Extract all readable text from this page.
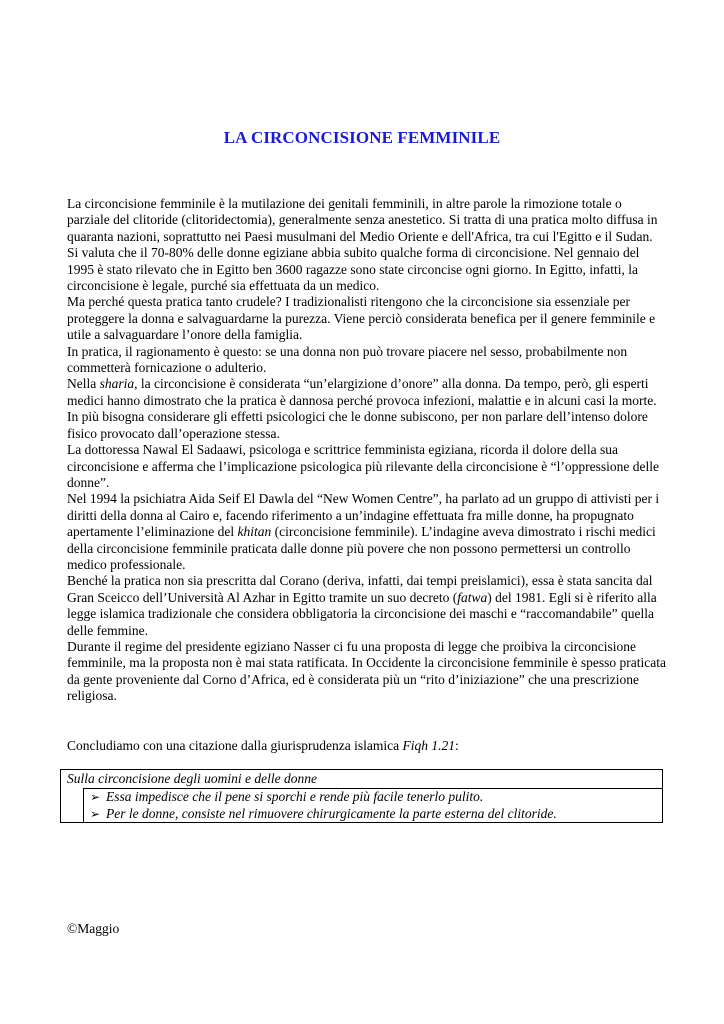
LA CIRCONCISIONE FEMMINILE

La circoncisione femminile è la mutilazione dei genitali femminili, in altre parole la rimozione totale o parziale del clitoride (clitoridectomia), generalmente senza anestetico. Si tratta di una pratica molto diffusa in quaranta nazioni, soprattutto nei Paesi musulmani del Medio Oriente e dell'Africa, tra cui l'Egitto e il Sudan.

Si valuta che il 70-80% delle donne egiziane abbia subito qualche forma di circoncisione. Nel gennaio del 1995 è stato rilevato che in Egitto ben 3600 ragazze sono state circoncise ogni giorno. In Egitto, infatti, la circoncisione è legale, purché sia effettuata da un medico.

Ma perché questa pratica tanto crudele? I tradizionalisti ritengono che la circoncisione sia essenziale per proteggere la donna e salvaguardarne la purezza. Viene perciò considerata benefica per il genere femminile e utile a salvaguardare l’onore della famiglia.

In pratica, il ragionamento è questo: se una donna non può trovare piacere nel sesso, probabilmente non commetterà fornicazione o adulterio.

Nella sharia, la circoncisione è considerata “un’elargizione d’onore” alla donna. Da tempo, però, gli esperti medici hanno dimostrato che la pratica è dannosa perché provoca infezioni, malattie e in alcuni casi la morte. In più bisogna considerare gli effetti psicologici che le donne subiscono, per non parlare dell’intenso dolore fisico provocato dall’operazione stessa.

La dottoressa Nawal El Sadaawi, psicologa e scrittrice femminista egiziana, ricorda il dolore della sua circoncisione e afferma che l’implicazione psicologica più rilevante della circoncisione è “l’oppressione delle donne”.

Nel 1994 la psichiatra Aida Seif El Dawla del “New Women Centre”, ha parlato ad un gruppo di attivisti per i diritti della donna al Cairo e, facendo riferimento a un’indagine effettuata fra mille donne, ha propugnato apertamente l’eliminazione del khitan (circoncisione femminile). L’indagine aveva dimostrato i rischi medici della circoncisione femminile praticata dalle donne più povere che non possono permettersi un controllo medico professionale.

Benché la pratica non sia prescritta dal Corano (deriva, infatti, dai tempi preislamici), essa è stata sancita dal Gran Sceicco dell’Università Al Azhar in Egitto tramite un suo decreto (fatwa) del 1981. Egli si è riferito alla legge islamica tradizionale che considera obbligatoria la circoncisione dei maschi e “raccomandabile” quella delle femmine.

Durante il regime del presidente egiziano Nasser ci fu una proposta di legge che proibiva la circoncisione femminile, ma la proposta non è mai stata ratificata. In Occidente la circoncisione femminile è spesso praticata da gente proveniente dal Corno d’Africa, ed è considerata più un “rito d’iniziazione” che una prescrizione religiosa.

Concludiamo con una citazione dalla giurisprudenza islamica Fiqh 1.21:
Sulla circoncisione degli uomini e delle donne
➢ Essa impedisce che il pene si sporchi e rende più facile tenerlo pulito.
➢ Per le donne, consiste nel rimuovere chirurgicamente la parte esterna del clitoride.
©Maggio
